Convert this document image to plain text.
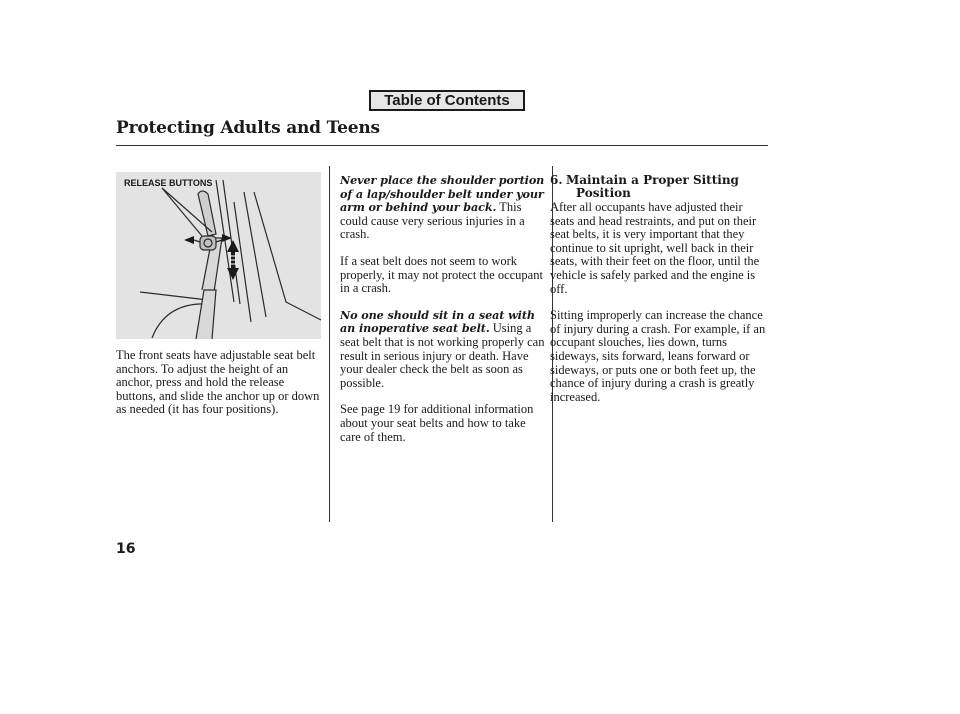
Table of Contents
Protecting Adults and Teens
RELEASE BUTTONS

The front seats have adjustable seat belt anchors. To adjust the height of an anchor, press and hold the release buttons, and slide the anchor up or down as needed (it has four positions).

Never place the shoulder portion of a lap/shoulder belt under your arm or behind your back. This could cause very serious injuries in a crash.

If a seat belt does not seem to work properly, it may not protect the occupant in a crash.

No one should sit in a seat with an inoperative seat belt. Using a seat belt that is not working properly can result in serious injury or death. Have your dealer check the belt as soon as possible.

See page 19 for additional information about your seat belts and how to take care of them.

6. Maintain a Proper Sitting
Position

After all occupants have adjusted their seats and head restraints, and put on their seat belts, it is very important that they continue to sit upright, well back in their seats, with their feet on the floor, until the vehicle is safely parked and the engine is off.

Sitting improperly can increase the chance of injury during a crash. For example, if an occupant slouches, lies down, turns sideways, sits forward, leans forward or sideways, or puts one or both feet up, the chance of injury during a crash is greatly increased.

16
